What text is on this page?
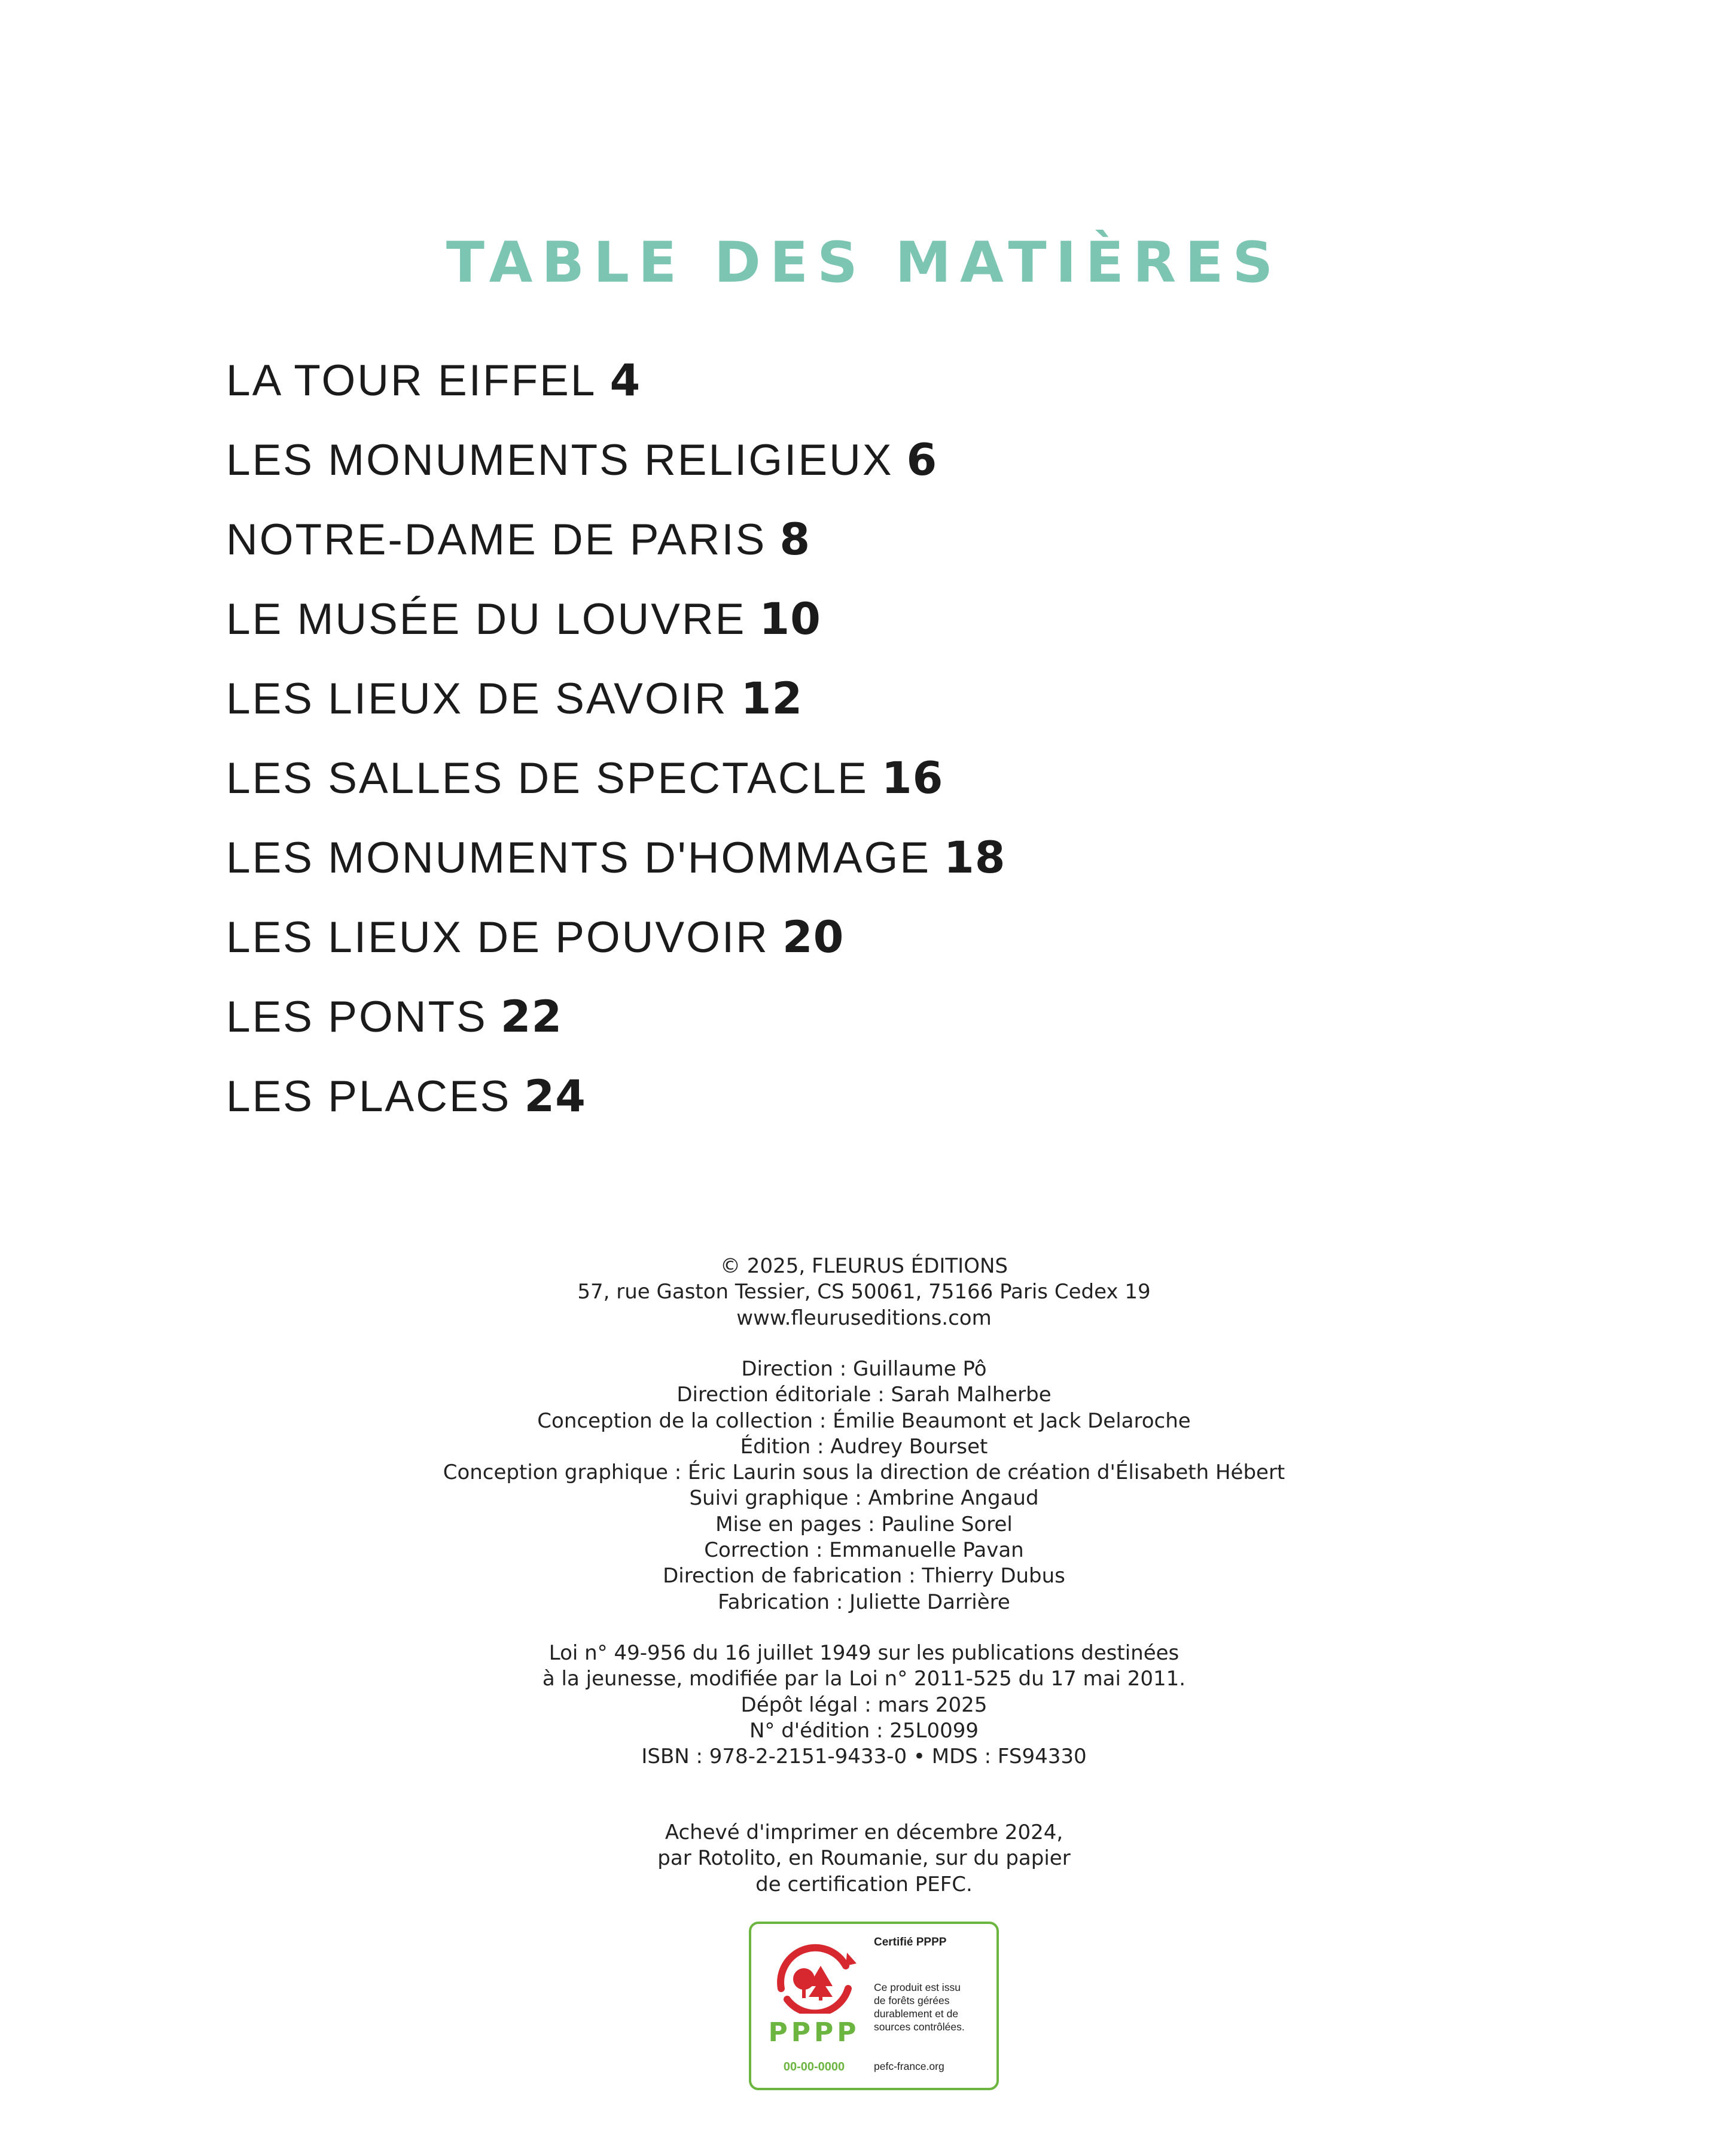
TABLE DES MATIÈRES
LA TOUR EIFFEL 4
LES MONUMENTS RELIGIEUX 6
NOTRE-DAME DE PARIS 8
LE MUSÉE DU LOUVRE 10
LES LIEUX DE SAVOIR 12
LES SALLES DE SPECTACLE 16
LES MONUMENTS D'HOMMAGE 18
LES LIEUX DE POUVOIR 20
LES PONTS 22
LES PLACES 24
© 2025, FLEURUS ÉDITIONS
57, rue Gaston Tessier, CS 50061, 75166 Paris Cedex 19
www.fleuruseditions.com
Direction : Guillaume Pô
Direction éditoriale : Sarah Malherbe
Conception de la collection : Émilie Beaumont et Jack Delaroche
Édition : Audrey Bourset
Conception graphique : Éric Laurin sous la direction de création d'Élisabeth Hébert
Suivi graphique : Ambrine Angaud
Mise en pages : Pauline Sorel
Correction : Emmanuelle Pavan
Direction de fabrication : Thierry Dubus
Fabrication : Juliette Darrière
Loi n° 49-956 du 16 juillet 1949 sur les publications destinées
à la jeunesse, modifiée par la Loi n° 2011-525 du 17 mai 2011.
Dépôt légal : mars 2025
N° d'édition : 25L0099
ISBN : 978-2-2151-9433-0 • MDS : FS94330
Achevé d'imprimer en décembre 2024,
par Rotolito, en Roumanie, sur du papier
de certification PEFC.
PPPP
00-00-0000
Certifié PPPP
Ce produit est issu
de forêts gérées
durablement et de
sources contrôlées.
pefc-france.org
